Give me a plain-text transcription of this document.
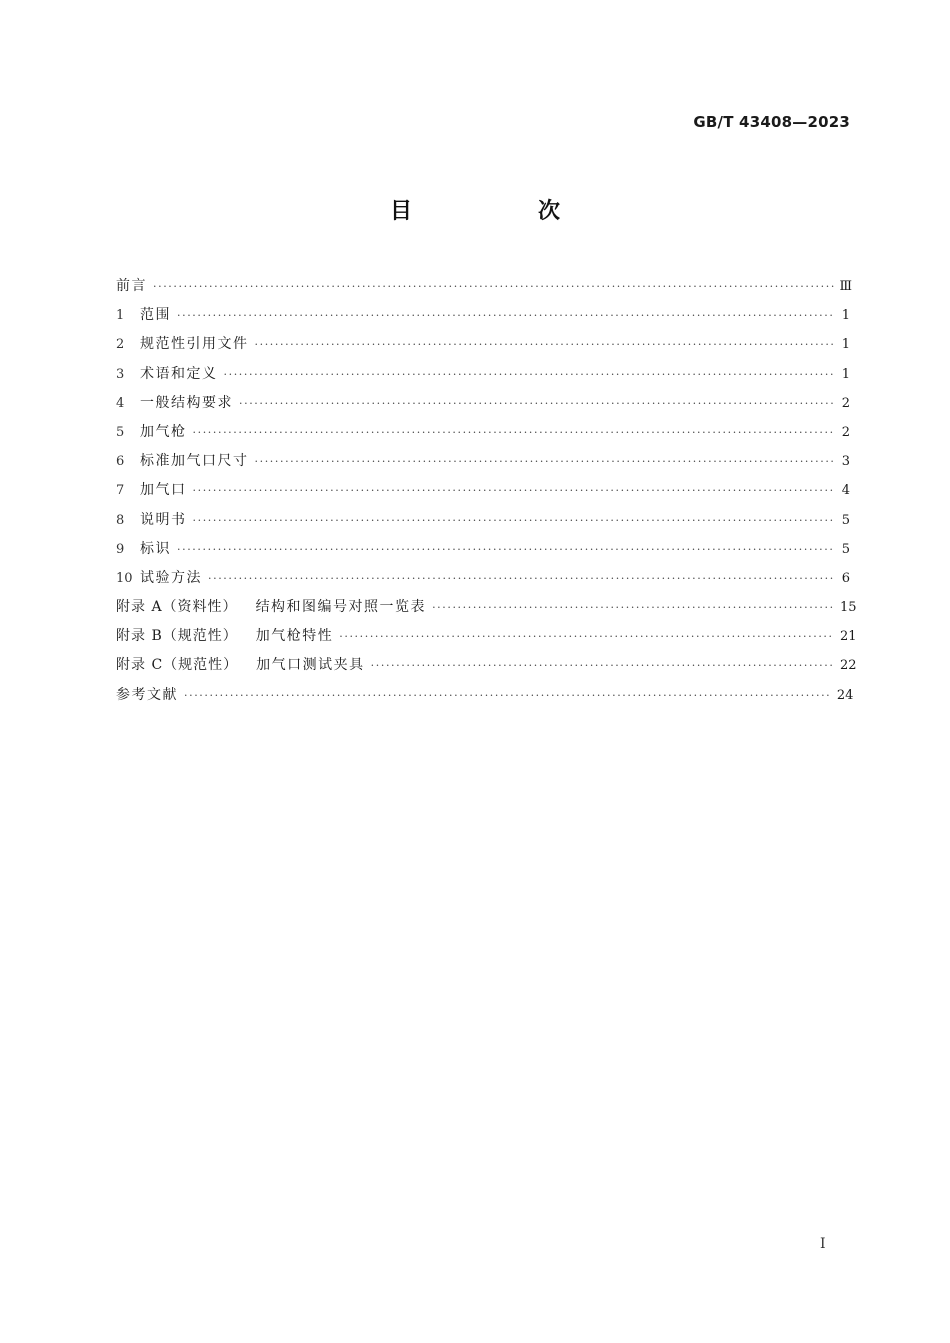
GB/T 43408—2023
目　次
前言 ·····	Ⅲ
1	范围 ·····	1
2	规范性引用文件 ·····	1
3	术语和定义 ·····	1
4	一般结构要求 ·····	2
5	加气枪 ·····	2
6	标准加气口尺寸 ·····	3
7	加气口 ·····	4
8	说明书 ·····	5
9	标识 ·····	5
10 试验方法 ·····	6
附录 A（资料性） 结构和图编号对照一览表 ·····	15
附录 B（规范性） 加气枪特性 ·····	21
附录 C（规范性） 加气口测试夹具 ·····	22
参考文献 ·····	24
I
